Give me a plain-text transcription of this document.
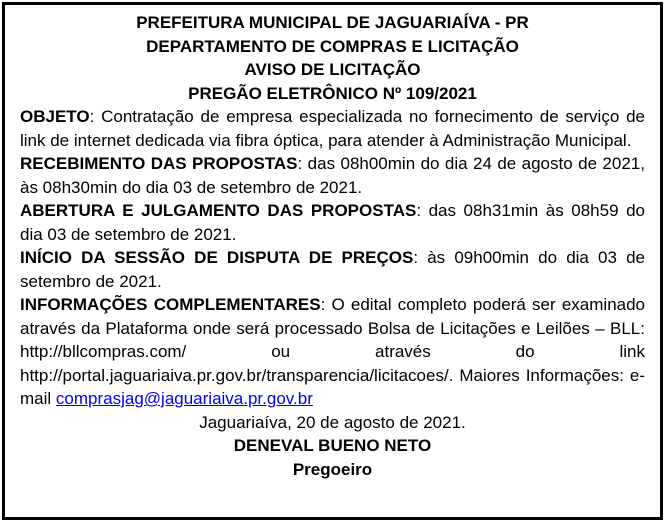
PREFEITURA MUNICIPAL DE JAGUARIAÍVA - PR
DEPARTAMENTO DE COMPRAS E LICITAÇÃO
AVISO DE LICITAÇÃO
PREGÃO ELETRÔNICO Nº 109/2021

OBJETO: Contratação de empresa especializada no fornecimento de serviço de link de internet dedicada via fibra óptica, para atender à Administração Municipal.

RECEBIMENTO DAS PROPOSTAS: das 08h00min do dia 24 de agosto de 2021, às 08h30min do dia 03 de setembro de 2021.

ABERTURA E JULGAMENTO DAS PROPOSTAS: das 08h31min às 08h59 do dia 03 de setembro de 2021.

INÍCIO DA SESSÃO DE DISPUTA DE PREÇOS: às 09h00min do dia 03 de setembro de 2021.

INFORMAÇÕES COMPLEMENTARES: O edital completo poderá ser examinado através da Plataforma onde será processado Bolsa de Licitações e Leilões – BLL: http://bllcompras.com/ ou através do link http://portal.jaguariaiva.pr.gov.br/transparencia/licitacoes/. Maiores Informações: e-mail comprasjag@jaguariaiva.pr.gov.br

Jaguariaíva, 20 de agosto de 2021.
DENEVAL BUENO NETO
Pregoeiro
